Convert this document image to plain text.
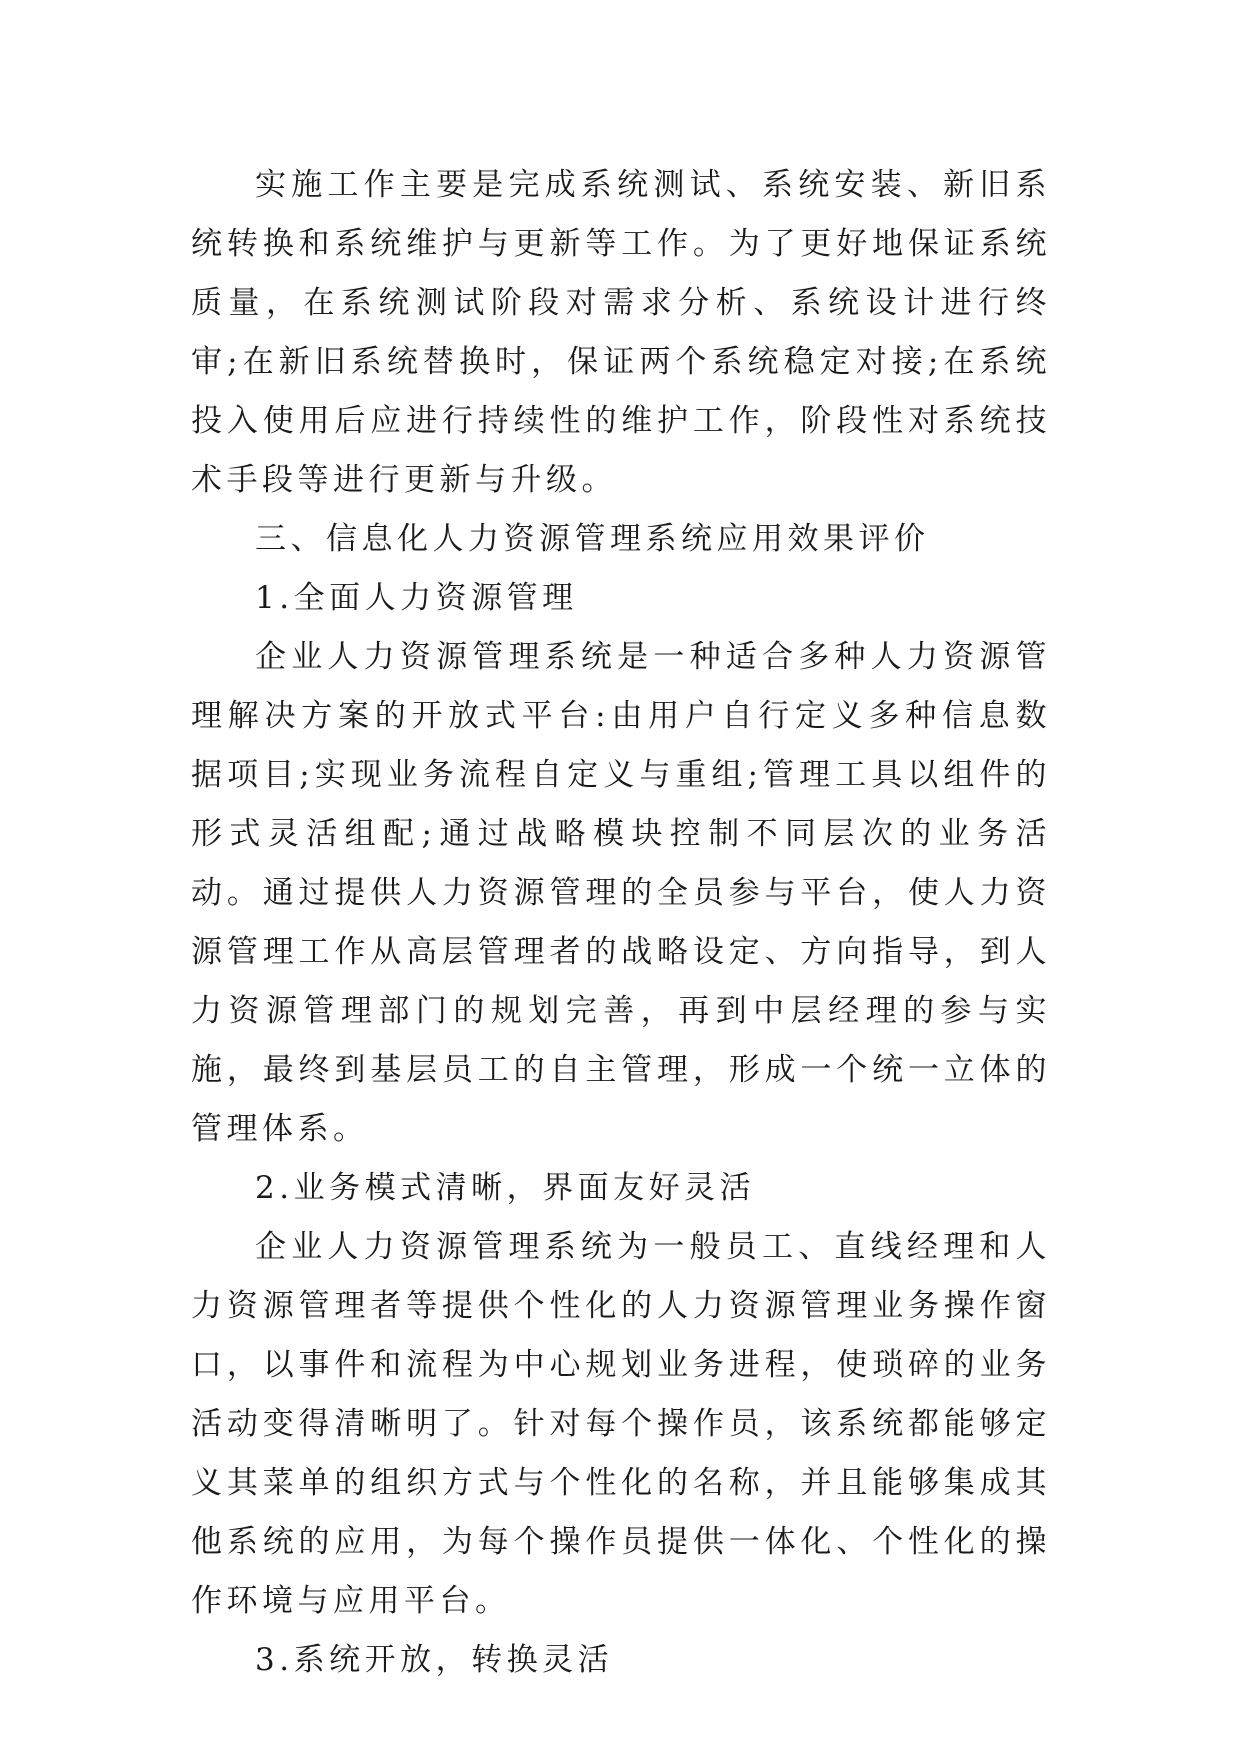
实施工作主要是完成系统测试、系统安装、新旧系统转换和系统维护与更新等工作。为了更好地保证系统质量，在系统测试阶段对需求分析、系统设计进行终审;在新旧系统替换时，保证两个系统稳定对接;在系统投入使用后应进行持续性的维护工作，阶段性对系统技术手段等进行更新与升级。

三、信息化人力资源管理系统应用效果评价

1.全面人力资源管理

企业人力资源管理系统是一种适合多种人力资源管理解决方案的开放式平台:由用户自行定义多种信息数据项目;实现业务流程自定义与重组;管理工具以组件的形式灵活组配;通过战略模块控制不同层次的业务活动。通过提供人力资源管理的全员参与平台，使人力资源管理工作从高层管理者的战略设定、方向指导，到人力资源管理部门的规划完善，再到中层经理的参与实施，最终到基层员工的自主管理，形成一个统一立体的管理体系。

2.业务模式清晰，界面友好灵活

企业人力资源管理系统为一般员工、直线经理和人力资源管理者等提供个性化的人力资源管理业务操作窗口，以事件和流程为中心规划业务进程，使琐碎的业务活动变得清晰明了。针对每个操作员，该系统都能够定义其菜单的组织方式与个性化的名称，并且能够集成其他系统的应用，为每个操作员提供一体化、个性化的操作环境与应用平台。

3.系统开放，转换灵活
